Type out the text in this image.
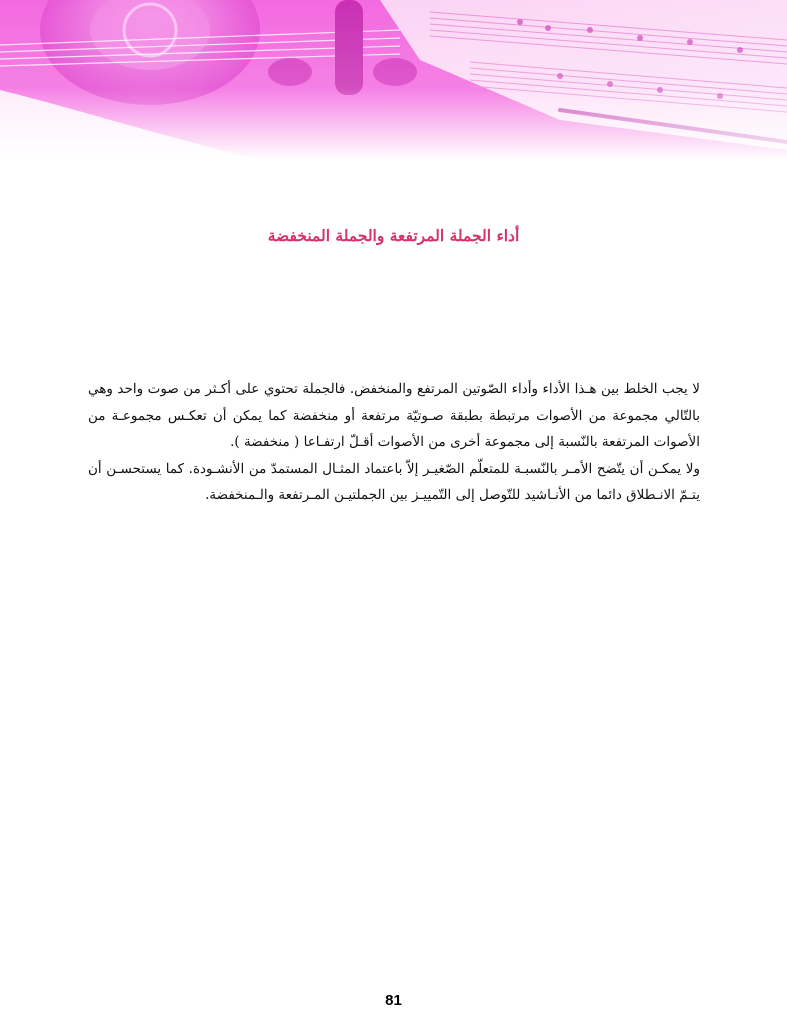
أداء الجملة المرتفعة والجملة المنخفضة

لا يجب الخلط بين هـذا الأداء وأداء الصّوتين المرتفع والمنخفض. فالجملة تحتوي على أكـثر من صوت واحد وهي بالتّالي مجموعة من الأصوات مرتبطة بطبقة صـوتيّة مرتفعة أو منخفضة كما يمكن أن تعكـس مجموعـة من الأصوات المرتفعة بالنّسبة إلى مجموعة أخرى من الأصوات أقـلّ ارتفـاعا ( منخفضة ).

ولا يمكـن أن يتّضح الأمـر بالنّسبـة للمتعلّم الصّغيـر إلاّ باعتماد المثـال المستمدّ من الأنشـودة. كما يستحسـن أن يتـمّ الانـطلاق دائما من الأنـاشيد للتّوصل إلى التّمييـز بين الجملتيـن المـرتفعة والـمنخفضة.

81
